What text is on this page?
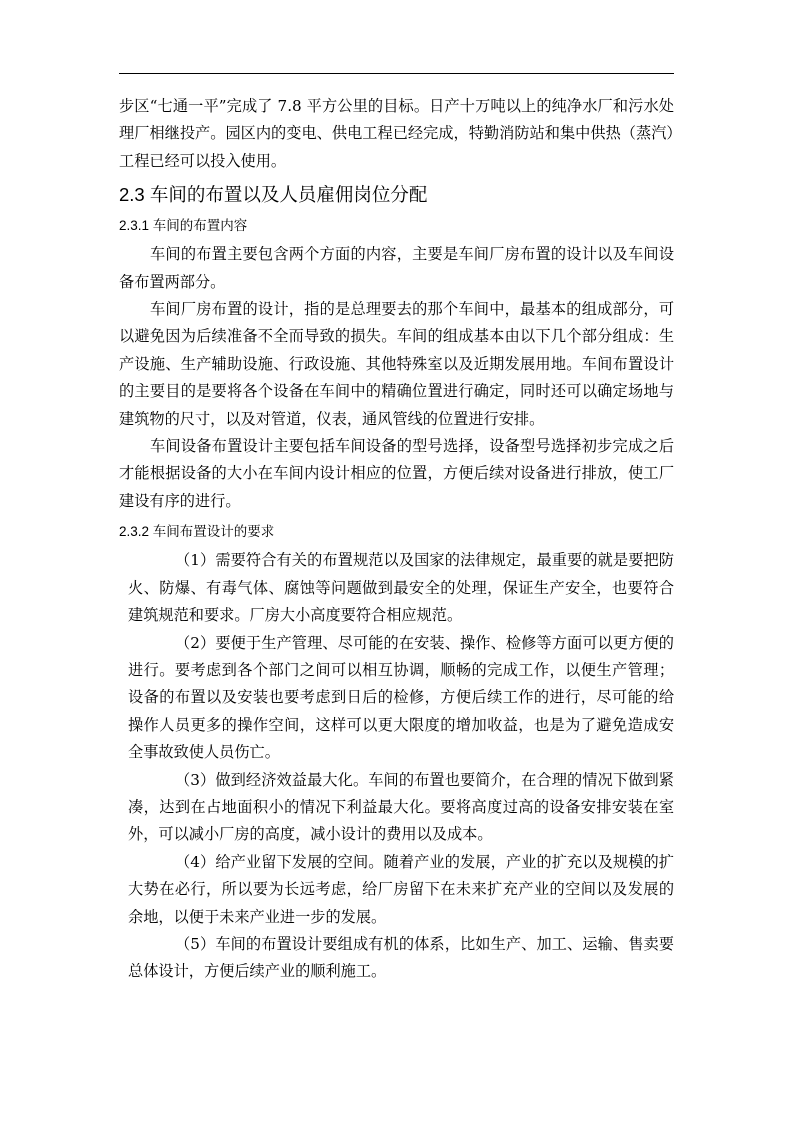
步区“七通一平”完成了 7.8 平方公里的目标。日产十万吨以上的纯净水厂和污水处理厂相继投产。园区内的变电、供电工程已经完成，特勤消防站和集中供热（蒸汽）工程已经可以投入使用。

2.3 车间的布置以及人员雇佣岗位分配
2.3.1 车间的布置内容

车间的布置主要包含两个方面的内容，主要是车间厂房布置的设计以及车间设备布置两部分。

车间厂房布置的设计，指的是总理要去的那个车间中，最基本的组成部分，可以避免因为后续准备不全而导致的损失。车间的组成基本由以下几个部分组成：生产设施、生产辅助设施、行政设施、其他特殊室以及近期发展用地。车间布置设计的主要目的是要将各个设备在车间中的精确位置进行确定，同时还可以确定场地与建筑物的尺寸，以及对管道，仪表，通风管线的位置进行安排。

车间设备布置设计主要包括车间设备的型号选择，设备型号选择初步完成之后才能根据设备的大小在车间内设计相应的位置，方便后续对设备进行排放，使工厂建设有序的进行。

2.3.2 车间布置设计的要求

（1）需要符合有关的布置规范以及国家的法律规定，最重要的就是要把防火、防爆、有毒气体、腐蚀等问题做到最安全的处理，保证生产安全，也要符合建筑规范和要求。厂房大小高度要符合相应规范。

（2）要便于生产管理、尽可能的在安装、操作、检修等方面可以更方便的进行。要考虑到各个部门之间可以相互协调，顺畅的完成工作，以便生产管理；设备的布置以及安装也要考虑到日后的检修，方便后续工作的进行，尽可能的给操作人员更多的操作空间，这样可以更大限度的增加收益，也是为了避免造成安全事故致使人员伤亡。

（3）做到经济效益最大化。车间的布置也要简介，在合理的情况下做到紧凑，达到在占地面积小的情况下利益最大化。要将高度过高的设备安排安装在室外，可以减小厂房的高度，减小设计的费用以及成本。

（4）给产业留下发展的空间。随着产业的发展，产业的扩充以及规模的扩大势在必行，所以要为长远考虑，给厂房留下在未来扩充产业的空间以及发展的余地，以便于未来产业进一步的发展。

（5）车间的布置设计要组成有机的体系，比如生产、加工、运输、售卖要总体设计，方便后续产业的顺利施工。
